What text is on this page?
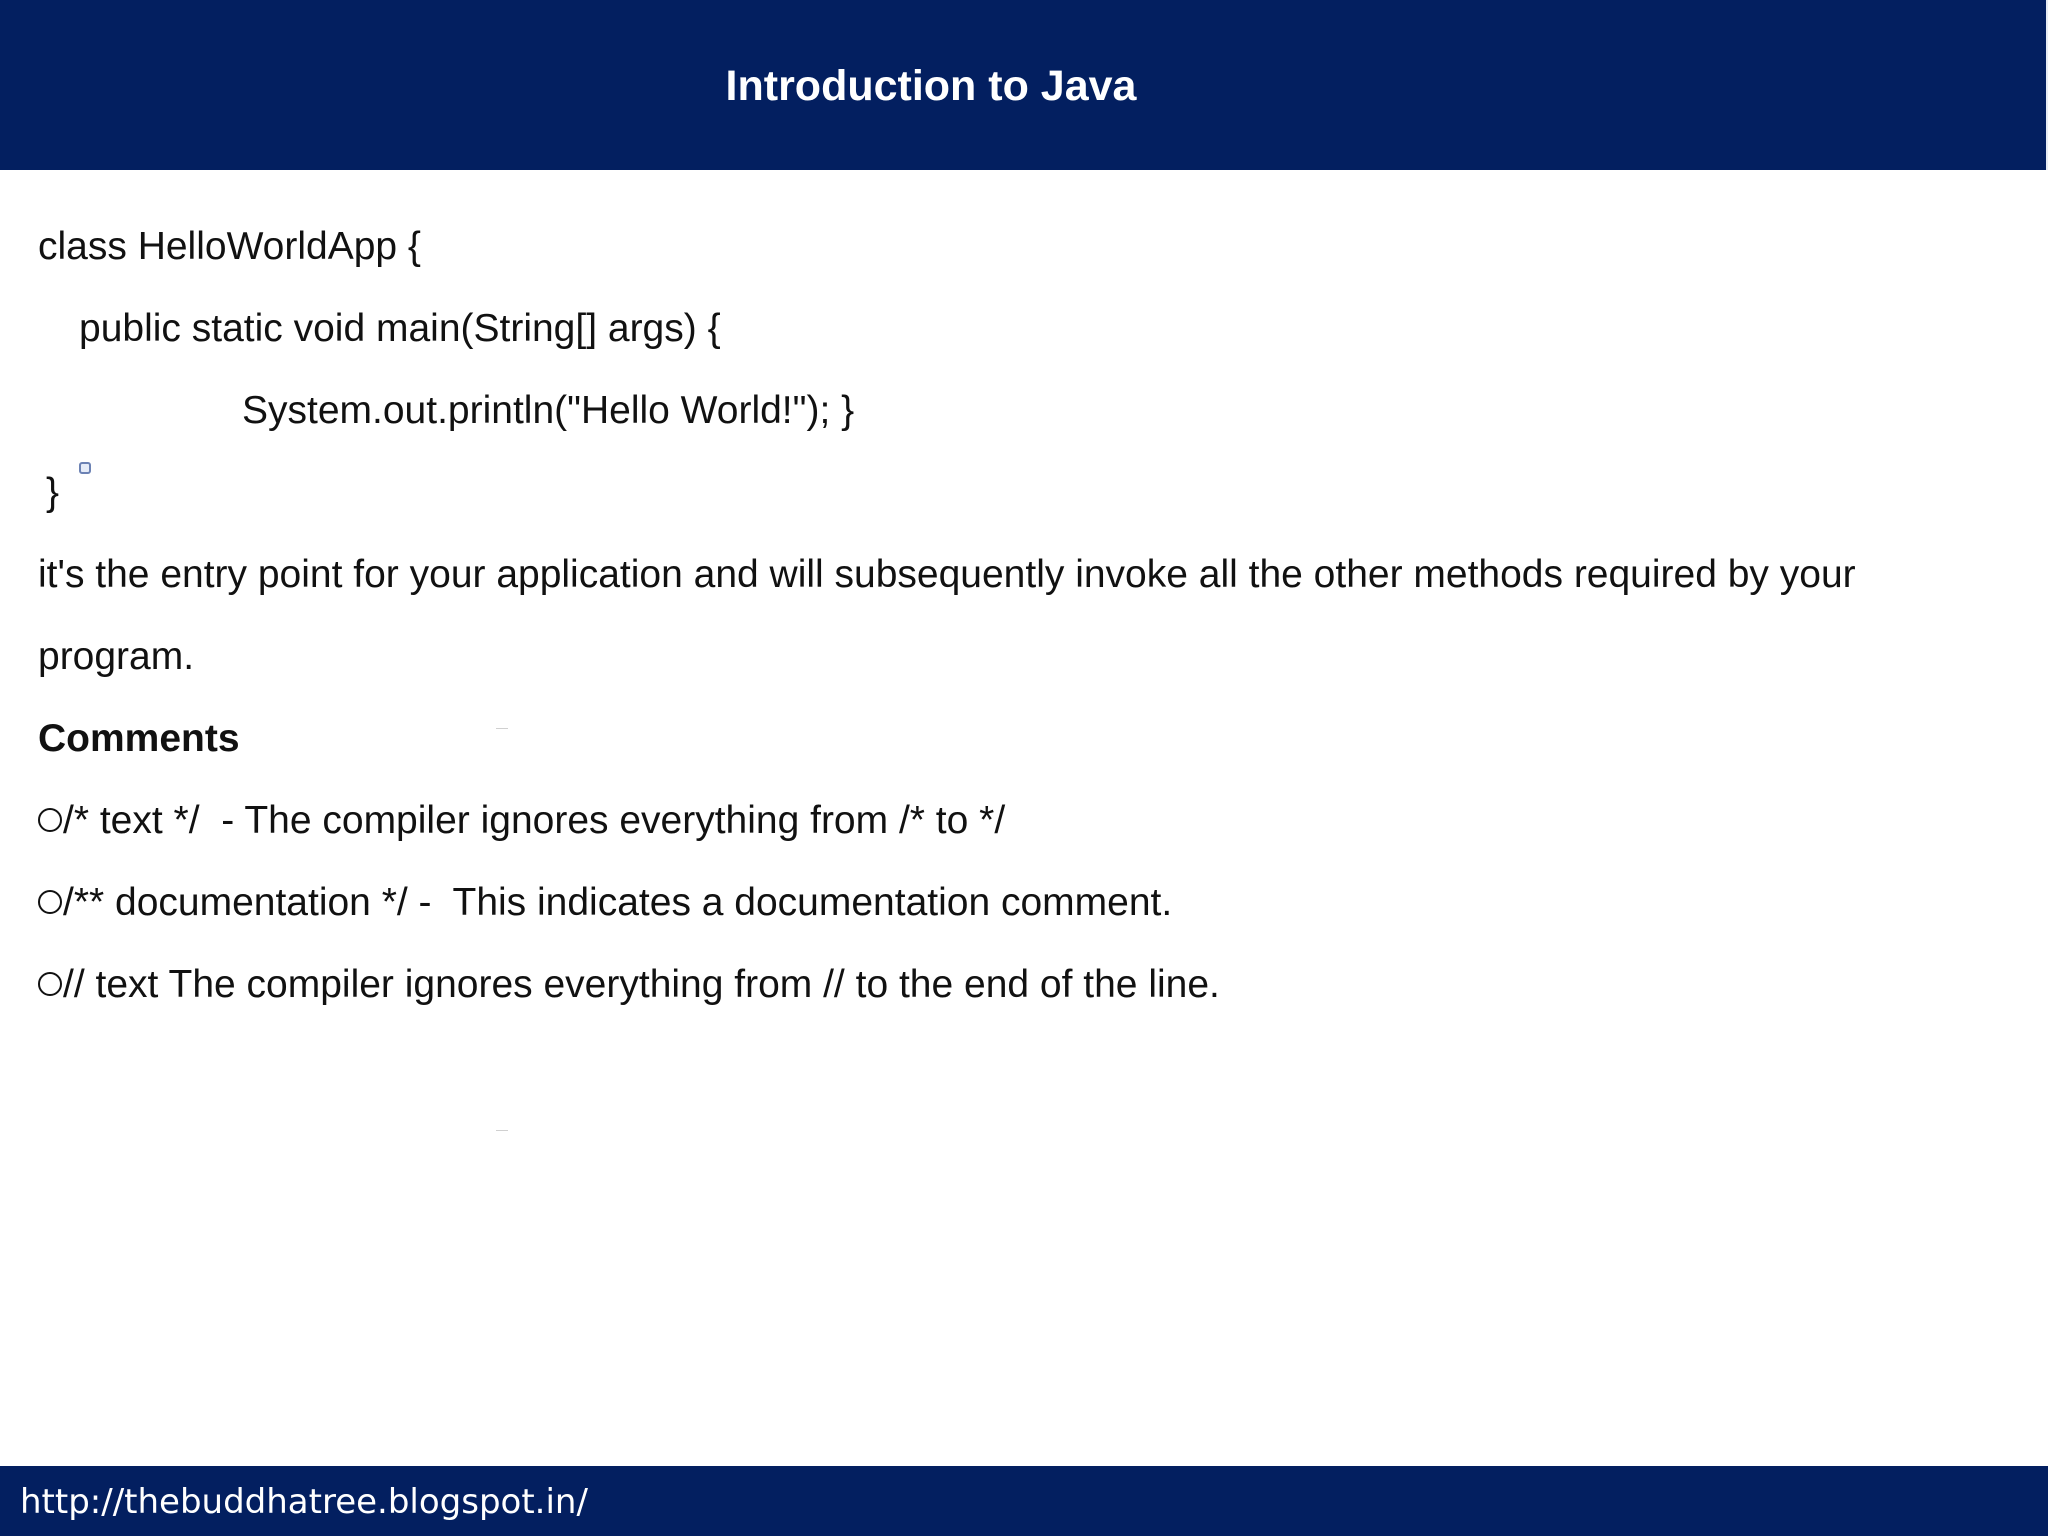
Introduction to Java
class HelloWorldApp {
public static void main(String[] args) {
System.out.println("Hello World!"); }
}
it's the entry point for your application and will subsequently invoke all the other methods required by your
program.
Comments
/* text */  - The compiler ignores everything from /* to */
/** documentation */ -  This indicates a documentation comment.
// text The compiler ignores everything from // to the end of the line.
http://thebuddhatree.blogspot.in/
